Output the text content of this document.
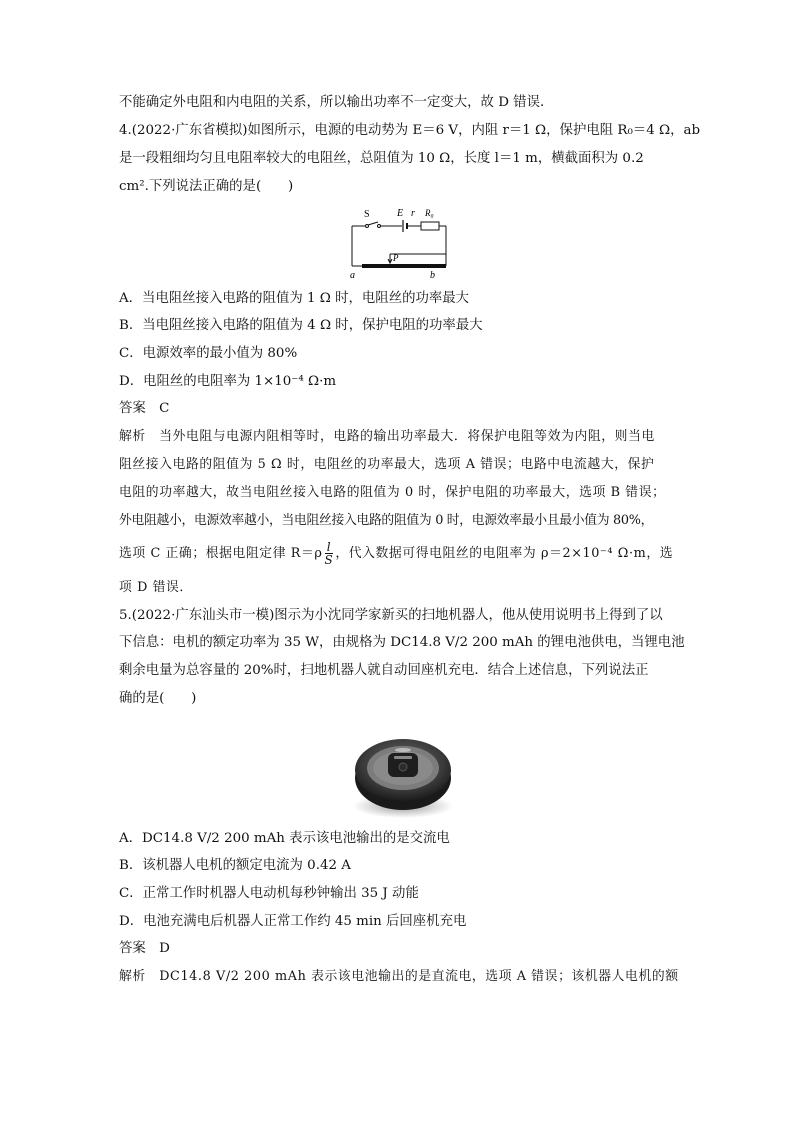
不能确定外电阻和内电阻的关系，所以输出功率不一定变大，故 D 错误．
4.(2022·广东省模拟)如图所示，电源的电动势为 E＝6 V，内阻 r＝1 Ω，保护电阻 R₀＝4 Ω，ab
是一段粗细均匀且电阻率较大的电阻丝，总阻值为 10 Ω，长度 l＝1 m，横截面积为 0.2
cm².下列说法正确的是(　　)
S	E r R₀
P
a	b
A．当电阻丝接入电路的阻值为 1 Ω 时，电阻丝的功率最大
B．当电阻丝接入电路的阻值为 4 Ω 时，保护电阻的功率最大
C．电源效率的最小值为 80%
D．电阻丝的电阻率为 1×10⁻⁴ Ω·m
答案　C
解析　当外电阻与电源内阻相等时，电路的输出功率最大．将保护电阻等效为内阻，则当电
阻丝接入电路的阻值为 5 Ω 时，电阻丝的功率最大，选项 A 错误；电路中电流越大，保护
电阻的功率越大，故当电阻丝接入电路的阻值为 0 时，保护电阻的功率最大，选项 B 错误；
外电阻越小，电源效率越小，当电阻丝接入电路的阻值为 0 时，电源效率最小且最小值为 80%，
选项 C 正确；根据电阻定律 $R=\rho \frac{l}{S}$ ，代入数据可得电阻丝的电阻率为 ρ＝2×10⁻⁴ Ω·m，选
项 D 错误．
5.(2022·广东汕头市一模)图示为小沈同学家新买的扫地机器人，他从使用说明书上得到了以
下信息：电机的额定功率为 35 W，由规格为 DC14.8 V/2 200 mAh 的锂电池供电，当锂电池
剩余电量为总容量的 20%时，扫地机器人就自动回座机充电．结合上述信息，下列说法正
确的是(　　)
A．DC14.8 V/2 200 mAh 表示该电池输出的是交流电
B．该机器人电机的额定电流为 0.42 A
C．正常工作时机器人电动机每秒钟输出 35 J 动能
D．电池充满电后机器人正常工作约 45 min 后回座机充电
答案　D
解析　DC14.8 V/2 200 mAh 表示该电池输出的是直流电，选项 A 错误；该机器人电机的额
